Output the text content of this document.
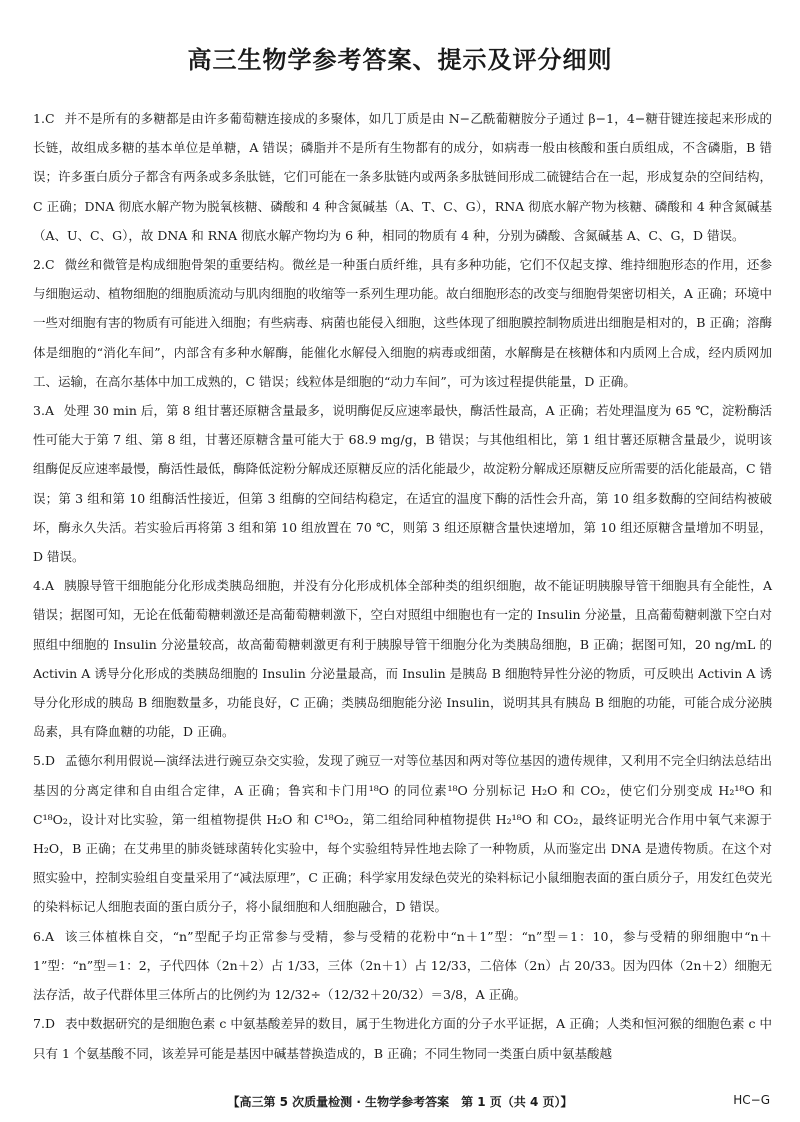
高三生物学参考答案、提示及评分细则

1.C 并不是所有的多糖都是由许多葡萄糖连接成的多聚体，如几丁质是由 N−乙酰葡糖胺分子通过 β−1，4−糖苷键连接起来形成的长链，故组成多糖的基本单位是单糖，A 错误；磷脂并不是所有生物都有的成分，如病毒一般由核酸和蛋白质组成，不含磷脂，B 错误；许多蛋白质分子都含有两条或多条肽链，它们可能在一条多肽链内或两条多肽链间形成二硫键结合在一起，形成复杂的空间结构，C 正确；DNA 彻底水解产物为脱氧核糖、磷酸和 4 种含氮碱基（A、T、C、G），RNA 彻底水解产物为核糖、磷酸和 4 种含氮碱基（A、U、C、G），故 DNA 和 RNA 彻底水解产物均为 6 种，相同的物质有 4 种，分别为磷酸、含氮碱基 A、C、G，D 错误。

2.C 微丝和微管是构成细胞骨架的重要结构。微丝是一种蛋白质纤维，具有多种功能，它们不仅起支撑、维持细胞形态的作用，还参与细胞运动、植物细胞的细胞质流动与肌肉细胞的收缩等一系列生理功能。故白细胞形态的改变与细胞骨架密切相关，A 正确；环境中一些对细胞有害的物质有可能进入细胞；有些病毒、病菌也能侵入细胞，这些体现了细胞膜控制物质进出细胞是相对的，B 正确；溶酶体是细胞的“消化车间”，内部含有多种水解酶，能催化水解侵入细胞的病毒或细菌，水解酶是在核糖体和内质网上合成，经内质网加工、运输，在高尔基体中加工成熟的，C 错误；线粒体是细胞的“动力车间”，可为该过程提供能量，D 正确。

3.A 处理 30 min 后，第 8 组甘薯还原糖含量最多，说明酶促反应速率最快，酶活性最高，A 正确；若处理温度为 65 ℃，淀粉酶活性可能大于第 7 组、第 8 组，甘薯还原糖含量可能大于 68.9 mg/g，B 错误；与其他组相比，第 1 组甘薯还原糖含量最少，说明该组酶促反应速率最慢，酶活性最低，酶降低淀粉分解成还原糖反应的活化能最少，故淀粉分解成还原糖反应所需要的活化能最高，C 错误；第 3 组和第 10 组酶活性接近，但第 3 组酶的空间结构稳定，在适宜的温度下酶的活性会升高，第 10 组多数酶的空间结构被破坏，酶永久失活。若实验后再将第 3 组和第 10 组放置在 70 ℃，则第 3 组还原糖含量快速增加，第 10 组还原糖含量增加不明显，D 错误。

4.A 胰腺导管干细胞能分化形成类胰岛细胞，并没有分化形成机体全部种类的组织细胞，故不能证明胰腺导管干细胞具有全能性，A 错误；据图可知，无论在低葡萄糖刺激还是高葡萄糖刺激下，空白对照组中细胞也有一定的 Insulin 分泌量，且高葡萄糖刺激下空白对照组中细胞的 Insulin 分泌量较高，故高葡萄糖刺激更有利于胰腺导管干细胞分化为类胰岛细胞，B 正确；据图可知，20 ng/mL 的 Activin A 诱导分化形成的类胰岛细胞的 Insulin 分泌量最高，而 Insulin 是胰岛 B 细胞特异性分泌的物质，可反映出 Activin A 诱导分化形成的胰岛 B 细胞数量多，功能良好，C 正确；类胰岛细胞能分泌 Insulin，说明其具有胰岛 B 细胞的功能，可能合成分泌胰岛素，具有降血糖的功能，D 正确。

5.D 孟德尔利用假说—演绎法进行豌豆杂交实验，发现了豌豆一对等位基因和两对等位基因的遗传规律，又利用不完全归纳法总结出基因的分离定律和自由组合定律，A 正确；鲁宾和卡门用¹⁸O 的同位素¹⁸O 分别标记 H₂O 和 CO₂，使它们分别变成 H₂¹⁸O 和 C¹⁸O₂，设计对比实验，第一组植物提供 H₂O 和 C¹⁸O₂，第二组给同种植物提供 H₂¹⁸O 和 CO₂，最终证明光合作用中氧气来源于 H₂O，B 正确；在艾弗里的肺炎链球菌转化实验中，每个实验组特异性地去除了一种物质，从而鉴定出 DNA 是遗传物质。在这个对照实验中，控制实验组自变量采用了“减法原理”，C 正确；科学家用发绿色荧光的染料标记小鼠细胞表面的蛋白质分子，用发红色荧光的染料标记人细胞表面的蛋白质分子，将小鼠细胞和人细胞融合，D 错误。

6.A 该三体植株自交，“n”型配子均正常参与受精，参与受精的花粉中“n＋1”型：“n”型＝1：10，参与受精的卵细胞中“n＋1”型：“n”型＝1：2，子代四体（2n＋2）占 1/33，三体（2n＋1）占 12/33，二倍体（2n）占 20/33。因为四体（2n＋2）细胞无法存活，故子代群体里三体所占的比例约为 12/32÷（12/32＋20/32）＝3/8，A 正确。

7.D 表中数据研究的是细胞色素 c 中氨基酸差异的数目，属于生物进化方面的分子水平证据，A 正确；人类和恒河猴的细胞色素 c 中只有 1 个氨基酸不同，该差异可能是基因中碱基替换造成的，B 正确；不同生物同一类蛋白质中氨基酸越

【高三第 5 次质量检测 · 生物学参考答案　第 1 页（共 4 页）】	HC−G
